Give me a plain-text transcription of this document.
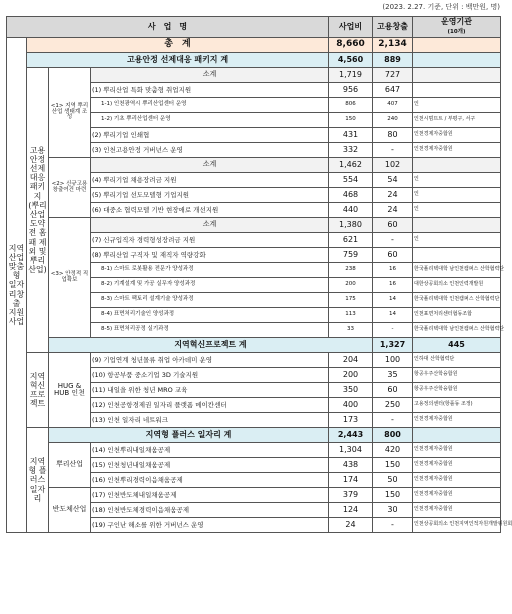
(2023. 2.27. 기준, 단위 : 백만원, 명)
사　업　명				사업비	고용창출	운영기관
(10개)	
지역산업 맞춤형 일자리창출 지원사업	총　계			8,660	2,134		
	고용안정 선제대응 패키지 계			4,560	889		
	고용 안정 선제 대응 패키 지 (뿌리산업 도약전 홈패 제외 및 뿌리산업)	<1> 지역 뿌리산업 생태계 조성	소계	1,719	727		
			(1) 뿌리산업 특화 맞춤형 취업지원	956	647		
			1-1) 인천광역시 뿌리산업센터 운영	806	407	인	
			1-2) 기초 뿌리산업센터 운영	150	240	인천시멈뜨트 / 부평구, 서구	
			(2) 뿌리기업 인쇄협	431	80	인천경제자중합원	
			(3) 인천고용안정 거버넌스 운영	332	-	인천경제자중합원	
		<2> 신규고용 창출여건 마련	소계	1,462	102		
			(4) 뿌리기업 채용장려금 지원	554	54	인	
			(5) 뿌리기업 선도모델형 기업지원	468	24	인	
			(6) 대중소 협력모델 기반 현장애로 개선지원	440	24	인	
		<3> 안정적 직업확보	소계	1,380	60		
			(7) 신규입직자 경력형성장려금 지원	621	-	인	
			(8) 뿌리산업 구직자 및 재직자 역량강화	759	60		
			8-1) 스마트 로봇활용 전문가 양성과정	238	16	한국폴리텍대학 남인천캠퍼스 산학협력단	
			8-2) 기계설계 및 가공 실무자 양성과정	200	16	대한상공회의소 인천인력개발원	
			8-3) 스마트 팩토리 설계기술 양성과정	175	14	한국폴리텍대학 인천캠퍼스 산학협력단	
			8-4) 표면처리기술인 양성과정	113	14	인천표면처리센터협동조합	
			8-5) 표면처리공정 실기과정	33	-	한국폴리텍대학 남인천캠퍼스 산학협력단	
		지역혁신프로젝트 계			1,327	445	
	지역 혁신 프로 젝트	HUG & HUB 인천	(9) 기업연계 청년몰류 취업 아카데미 운영	204	100	인하대 산학협력단	
			(10) 항공부품 중소기업 3D 기술지원	200	35	항공우주산학융합원	
			(11) 내일을 위한 청년 MRO 교육	350	60	항공우주산학융합원	
			(12) 인천공항경제권 일자리 플랫폼 메이칸센터	400	250	고용정의센터(항플동 조정)	
			(13) 인천 일자리 네트워크	173	-	인천경제자중합원	
	지역형 플러스 일자리	지역형 플러스 일자리 계		2,443	800		
		뿌리산업	(14) 인천뿌리내일채움공제	1,304	420	인천경제자중합원	
			(15) 인천청년내일채움공제	438	150	인천경제자중합원	
			(16) 인천뿌리경력이음채움공제	174	50	인천경제자중합원	
		반도체산업	(17) 인천반도체내일채움공제	379	150	인천경제자중합원	
			(18) 인천반도체경력이음채움공제	124	30	인천경제자중합원	
			(19) 구인난 해소를 위한 거버넌스 운영	24	-	인천상공회의소 인천지역인적자원개발위원회	
